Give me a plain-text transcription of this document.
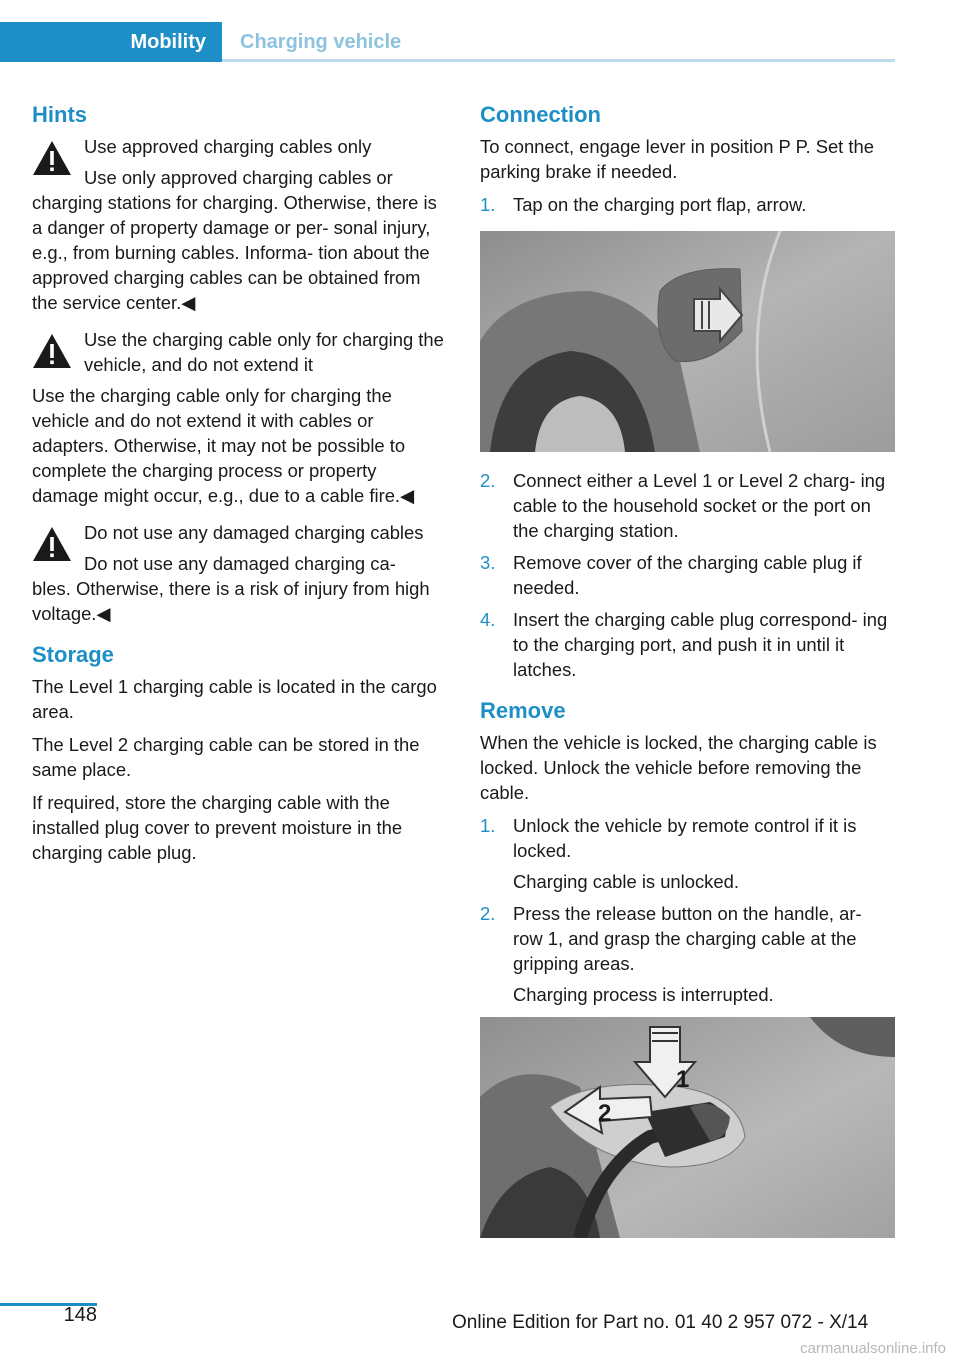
Mobility	Charging vehicle
Hints
Use approved charging cables only
Use only approved charging cables or
charging stations for charging. Otherwise, there is a danger of property damage or per‐ sonal injury, e.g., from burning cables. Informa‐ tion about the approved charging cables can be obtained from the service center.◀
Use the charging cable only for charging the vehicle, and do not extend it
Use the charging cable only for charging the vehicle and do not extend it with cables or adapters. Otherwise, it may not be possible to complete the charging process or property damage might occur, e.g., due to a cable fire.◀
Do not use any damaged charging cables
Do not use any damaged charging ca‐
bles. Otherwise, there is a risk of injury from high voltage.◀
Storage

The Level 1 charging cable is located in the cargo area.

The Level 2 charging cable can be stored in the same place.

If required, store the charging cable with the installed plug cover to prevent moisture in the charging cable plug.

Connection

To connect, engage lever in position P P. Set the parking brake if needed.

1. Tap on the charging port flap, arrow.
2. Connect either a Level 1 or Level 2 charg‐ ing cable to the household socket or the port on the charging station.
3. Remove cover of the charging cable plug if needed.
4. Insert the charging cable plug correspond‐ ing to the charging port, and push it in until it latches.
Remove

When the vehicle is locked, the charging cable is locked. Unlock the vehicle before removing the cable.

1. Unlock the vehicle by remote control if it is locked.
Charging cable is unlocked.
2. Press the release button on the handle, ar‐ row 1, and grasp the charging cable at the gripping areas.
Charging process is interrupted.
1
2
148	Online Edition for Part no. 01 40 2 957 072 - X/14
carmanualsonline.info
